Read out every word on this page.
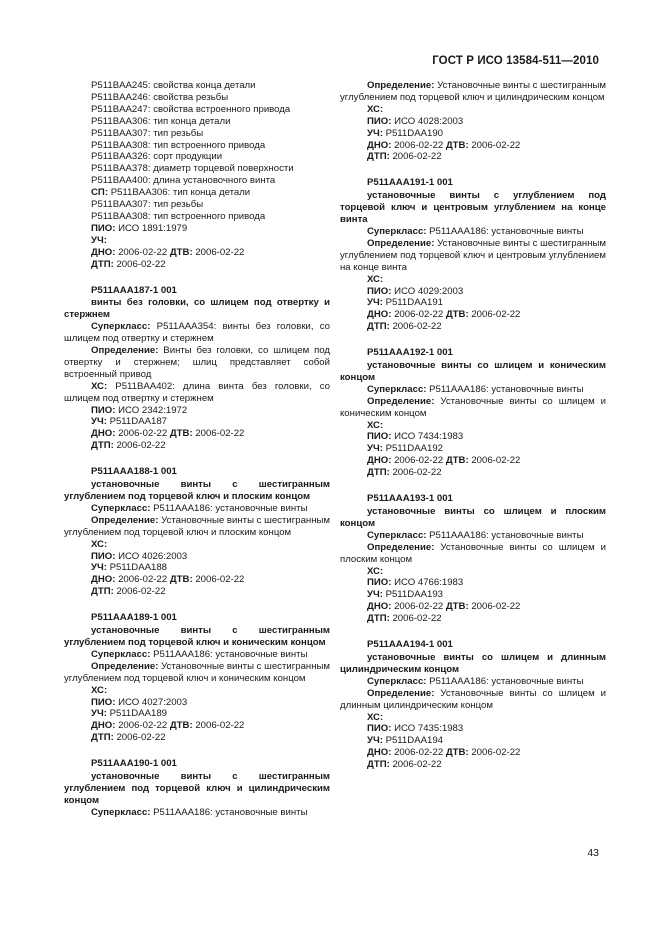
ГОСТ Р ИСО 13584-511—2010
P511BAA245: свойства конца детали
P511BAA246: свойства резьбы
P511BAA247: свойства встроенного привода
P511BAA306: тип конца детали
P511BAA307: тип резьбы
P511BAA308: тип встроенного привода
P511BAA326: сорт продукции
P511BAA378: диаметр торцевой поверхности
P511BAA400: длина установочного винта
СП: P511BAA306: тип конца детали
P511BAA307: тип резьбы
P511BAA308: тип встроенного привода
ПИО: ИСО 1891:1979
УЧ:
ДНО: 2006-02-22 ДТВ: 2006-02-22
ДТП: 2006-02-22
P511AAA187-1 001
винты без головки, со шлицем под отвертку и стержнем
Суперкласс: P511AAA354: винты без головки, со шлицем под отвертку и стержнем
Определение: Винты без головки, со шлицем под отвертку и стержнем; шлиц представляет собой встроенный привод
ХС: P511BAA402: длина винта без головки, со шлицем под отвертку и стержнем
ПИО: ИСО 2342:1972
УЧ: P511DAA187
ДНО: 2006-02-22 ДТВ: 2006-02-22
ДТП: 2006-02-22
P511AAA188-1 001
установочные винты с шестигранным углублением под торцевой ключ и плоским концом
Суперкласс: P511AAA186: установочные винты
Определение: Установочные винты с шестигранным углублением под торцевой ключ и плоским концом
ХС:
ПИО: ИСО 4026:2003
УЧ: P511DAA188
ДНО: 2006-02-22 ДТВ: 2006-02-22
ДТП: 2006-02-22
P511AAA189-1 001
установочные винты с шестигранным углублением под торцевой ключ и коническим концом
Суперкласс: P511AAA186: установочные винты
Определение: Установочные винты с шестигранным углублением под торцевой ключ и коническим концом
ХС:
ПИО: ИСО 4027:2003
УЧ: P511DAA189
ДНО: 2006-02-22 ДТВ: 2006-02-22
ДТП: 2006-02-22
P511AAA190-1 001
установочные винты с шестигранным углублением под торцевой ключ и цилиндрическим концом
Суперкласс: P511AAA186: установочные винты
Определение: Установочные винты с шестигранным углублением под торцевой ключ и цилиндрическим концом
ХС:
ПИО: ИСО 4028:2003
УЧ: P511DAA190
ДНО: 2006-02-22 ДТВ: 2006-02-22
ДТП: 2006-02-22
P511AAA191-1 001
установочные винты с углублением под торцевой ключ и центровым углублением на конце винта
Суперкласс: P511AAA186: установочные винты
Определение: Установочные винты с шестигранным углублением под торцевой ключ и центровым углублением на конце винта
ХС:
ПИО: ИСО 4029:2003
УЧ: P511DAA191
ДНО: 2006-02-22 ДТВ: 2006-02-22
ДТП: 2006-02-22
P511AAA192-1 001
установочные винты со шлицем и коническим концом
Суперкласс: P511AAA186: установочные винты
Определение: Установочные винты со шлицем и коническим концом
ХС:
ПИО: ИСО 7434:1983
УЧ: P511DAA192
ДНО: 2006-02-22 ДТВ: 2006-02-22
ДТП: 2006-02-22
P511AAA193-1 001
установочные винты со шлицем и плоским концом
Суперкласс: P511AAA186: установочные винты
Определение: Установочные винты со шлицем и плоским концом
ХС:
ПИО: ИСО 4766:1983
УЧ: P511DAA193
ДНО: 2006-02-22 ДТВ: 2006-02-22
ДТП: 2006-02-22
P511AAA194-1 001
установочные винты со шлицем и длинным цилиндрическим концом
Суперкласс: P511AAA186: установочные винты
Определение: Установочные винты со шлицем и длинным цилиндрическим концом
ХС:
ПИО: ИСО 7435:1983
УЧ: P511DAA194
ДНО: 2006-02-22 ДТВ: 2006-02-22
ДТП: 2006-02-22
43
